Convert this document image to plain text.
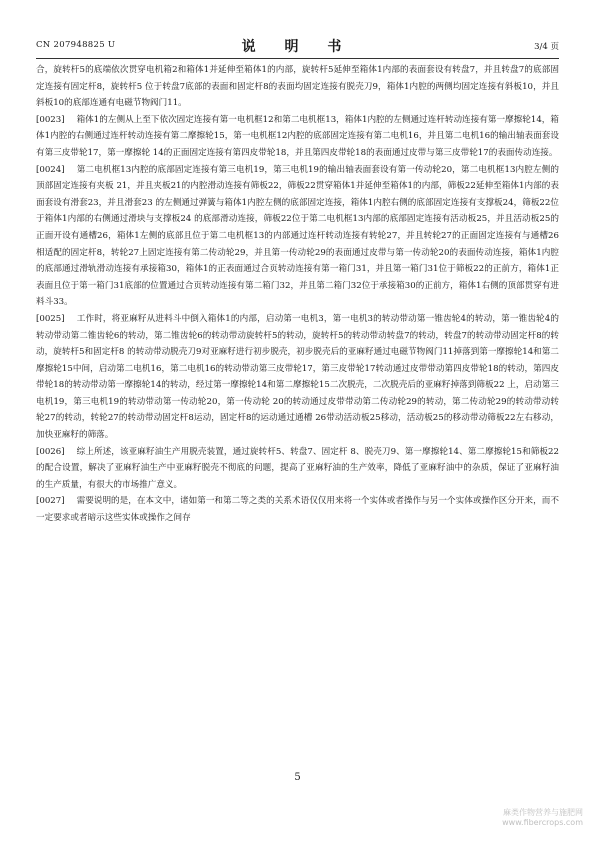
CN 207948825 U	说 明 书	3/4 页

合，旋转杆5的底端依次贯穿电机箱2和箱体1并延伸至箱体1的内部，旋转杆5延伸至箱体1内部的表面套设有转盘7，并且转盘7的底部固定连接有固定杆8，旋转杆5 位于转盘7底部的表面和固定杆8的表面均固定连接有脱壳刀9，箱体1内腔的两侧均固定连接有斜板10，并且斜板10的底部连通有电磁节物阀门11。

[0023] 箱体1的左侧从上至下依次固定连接有第一电机框12和第二电机框13，箱体1内腔的左侧通过连杆转动连接有第一摩擦轮14，箱体1内腔的右侧通过连杆转动连接有第二摩擦轮15，第一电机框12内腔的底部固定连接有第二电机16，并且第二电机16的输出轴表面套设有第三皮带轮17，第一摩擦轮 14的正面固定连接有第四皮带轮18，并且第四皮带轮18的表面通过皮带与第三皮带轮17的表面传动连接。

[0024] 第二电机框13内腔的底部固定连接有第三电机19，第三电机19的输出轴表面套设有第一传动轮20，第二电机框13内腔左侧的顶部固定连接有夹板 21，并且夹板21的内腔滑动连接有筛板22，筛板22贯穿箱体1并延伸至箱体1的内部，筛板22延伸至箱体1内部的表面套设有滑套23，并且滑套23 的左侧通过弹簧与箱体1内腔左侧的底部固定连接，箱体1内腔右侧的底部固定连接有支撑板24，筛板22位于箱体1内部的右侧通过滑块与支撑板24 的底部滑动连接，筛板22位于第二电机框13内部的底部固定连接有活动板25，并且活动板25的正面开设有通槽26，箱体1左侧的底部且位于第二电机框13的内部通过连杆转动连接有转轮27，并且转轮27的正面固定连接有与通槽26相适配的固定杆8，转轮27上固定连接有第二传动轮29，并且第一传动轮29的表面通过皮带与第一传动轮20的表面传动连接，箱体1内腔的底部通过滑轨滑动连接有承接箱30，箱体1的正表面通过合页转动连接有第一箱门31，并且第一箱门31位于筛板22的正前方，箱体1正表面且位于第一箱门31底部的位置通过合页转动连接有第二箱门32，并且第二箱门32位于承接箱30的正前方，箱体1右侧的顶部贯穿有进料斗33。

[0025] 工作时，将亚麻籽从进料斗中倒入箱体1的内部，启动第一电机3，第一电机3的转动带动第一锥齿轮4的转动，第一锥齿轮4的转动带动第二锥齿轮6的转动，第二锥齿轮6的转动带动旋转杆5的转动，旋转杆5的转动带动转盘7的转动，转盘7的转动带动固定杆8的转动，旋转杆5和固定杆8 的转动带动脱壳刀9对亚麻籽进行初步脱壳，初步脱壳后的亚麻籽通过电磁节物阀门11掉落到第一摩擦轮14和第二摩擦轮15中间，启动第二电机16，第二电机16的转动带动第三皮带轮17，第三皮带轮17转动通过皮带带动第四皮带轮18的转动，第四皮带轮18的转动带动第一摩擦轮14的转动，经过第一摩擦轮14和第二摩擦轮15二次脱壳，二次脱壳后的亚麻籽掉落到筛板22 上，启动第三电机19，第三电机19的转动带动第一传动轮20，第一传动轮 20的转动通过皮带带动第二传动轮29的转动，第二传动轮29的转动带动转轮27的转动，转轮27的转动带动固定杆8运动，固定杆8的运动通过通槽 26带动活动板25移动，活动板25的移动带动筛板22左右移动，加快亚麻籽的筛落。

[0026] 综上所述，该亚麻籽油生产用脱壳装置，通过旋转杆5、转盘7、固定杆 8、脱壳刀9、第一摩擦轮14、第二摩擦轮15和筛板22的配合设置，解决了亚麻籽油生产中亚麻籽脱壳不彻底的问题，提高了亚麻籽油的生产效率，降低了亚麻籽油中的杂质，保证了亚麻籽油的生产质量，有很大的市场推广意义。

[0027] 需要说明的是，在本文中，诸如第一和第二等之类的关系术语仅仅用来将一个实体或者操作与另一个实体或操作区分开来，而不一定要求或者暗示这些实体或操作之间存

5
麻类作物营养与施肥网
www.fibercrops.com
